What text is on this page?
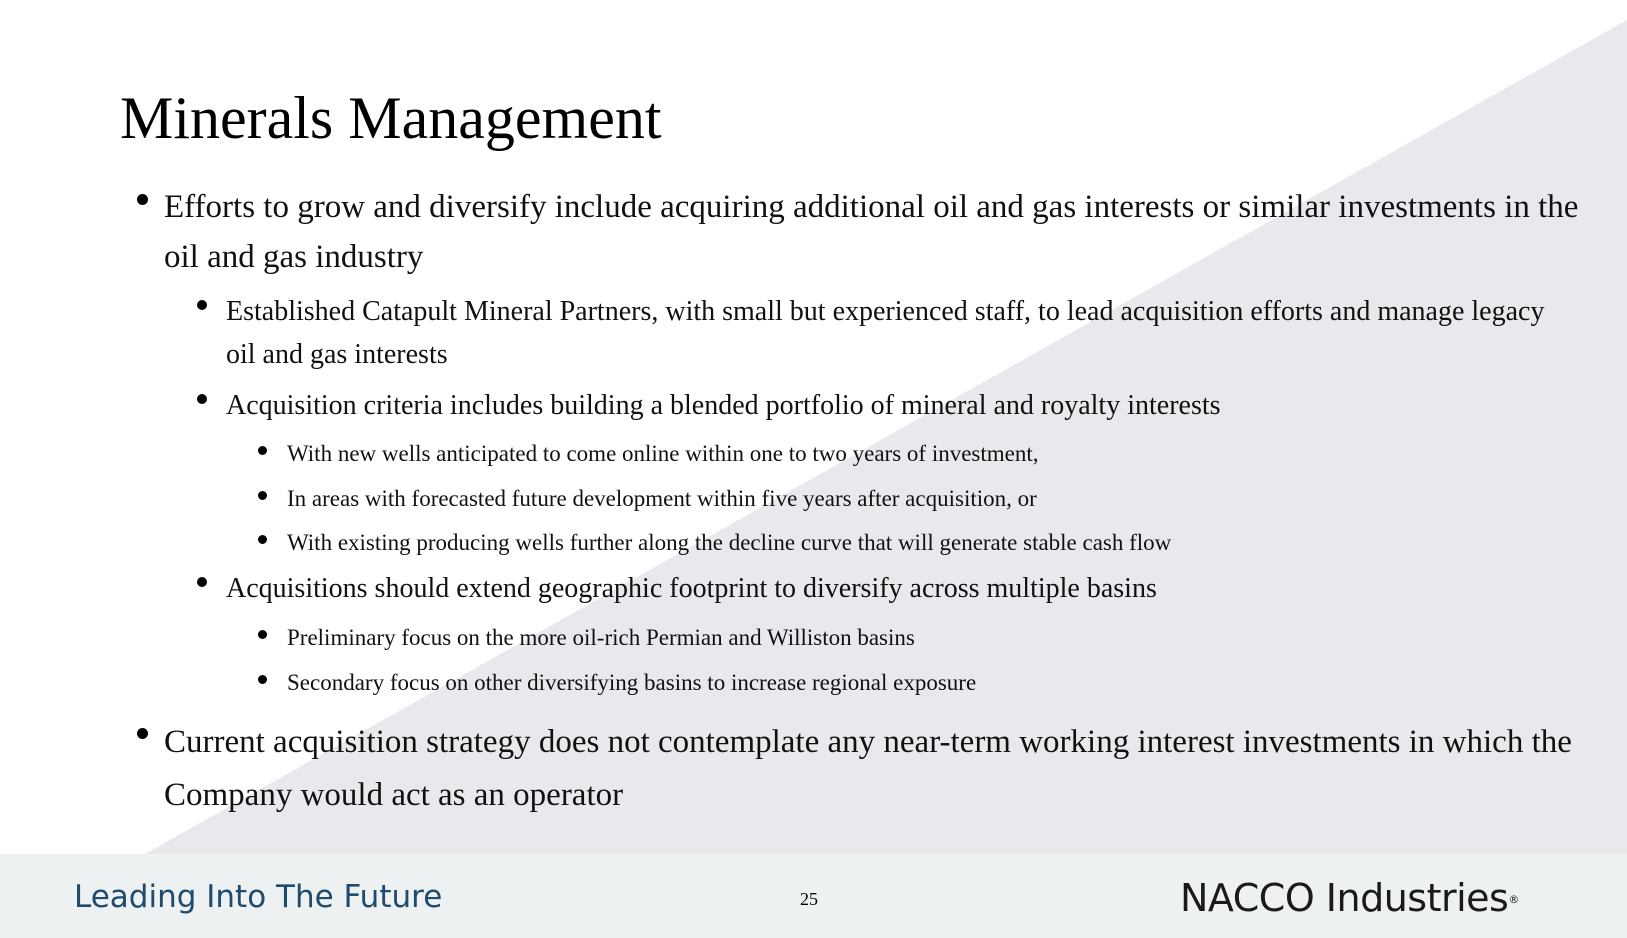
Minerals Management

Efforts to grow and diversify include acquiring additional oil and gas interests or similar investments in the oil and gas industry

Established Catapult Mineral Partners, with small but experienced staff, to lead acquisition efforts and manage legacy oil and gas interests

Acquisition criteria includes building a blended portfolio of mineral and royalty interests

With new wells anticipated to come online within one to two years of investment,

In areas with forecasted future development within five years after acquisition, or

With existing producing wells further along the decline curve that will generate stable cash flow

Acquisitions should extend geographic footprint to diversify across multiple basins

Preliminary focus on the more oil-rich Permian and Williston basins

Secondary focus on other diversifying basins to increase regional exposure

Current acquisition strategy does not contemplate any near-term working interest investments in which the Company would act as an operator

Leading Into The Future	25	NACCO Industries®
